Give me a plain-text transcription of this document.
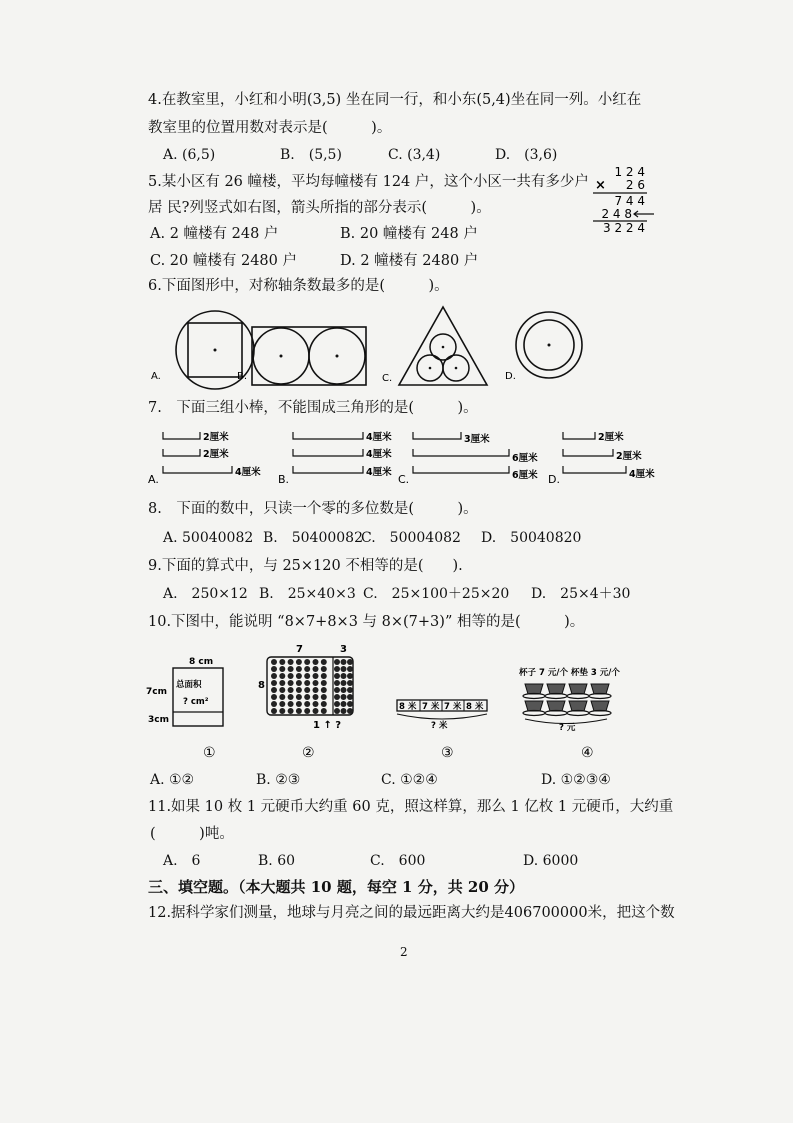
4.在教室里，小红和小明(3,5) 坐在同一行，和小东(5,4)坐在同一列。小红在
教室里的位置用数对表示是(　　　)。
A. (6,5)	B.　(5,5)	C. (3,4)	D.　(3,6)
5.某小区有 26 幢楼，平均每幢楼有 124 户，这个小区一共有多少户
居 民?列竖式如右图，箭头所指的部分表示(　　　)。
A. 2 幢楼有 248 户	B. 20 幢楼有 248 户
C. 20 幢楼有 2480 户	D. 2 幢楼有 2480 户
1 2 4
× 2 6
7 4 4
2 4 8
3 2 2 4
6.下面图形中，对称轴条数最多的是(　　　)。
A.	B.	C.	D.
7.　下面三组小棒，不能围成三角形的是(　　　)。
2厘米
2厘米
4厘米
A.
4厘米
4厘米
4厘米
B.
3厘米
6厘米
6厘米
C.
2厘米
2厘米
4厘米
D.
8.　下面的数中，只读一个零的多位数是(　　　)。
A. 50040082 B.　50400082
C.　50004082 D.　50040820
9.下面的算式中，与 25×120 不相等的是(　　).
A.　250×12 B.　25×40×3 C.　25×100＋25×20 D.　25×4＋30
10.下图中，能说明 “8×7+8×3 与 8×(7+3)” 相等的是(　　　)。
8 cm
7cm
3cm
总面积
? cm²
①
7	3
8
1 ↑ ?
②
8 米 7 米 7 米 8 米
? 米
③
杯子 7 元/个 杯垫 3 元/个
? 元
④
A. ①②	B. ②③	C. ①②④	D. ①②③④
11.如果 10 枚 1 元硬币大约重 60 克，照这样算，那么 1 亿枚 1 元硬币，大约重
(　　　)吨。
A.　6	B. 60	C.　600	D. 6000
三、填空题。（本大题共 10 题，每空 1 分，共 20 分）
12.据科学家们测量，地球与月亮之间的最远距离大约是406700000米，把这个数
2
